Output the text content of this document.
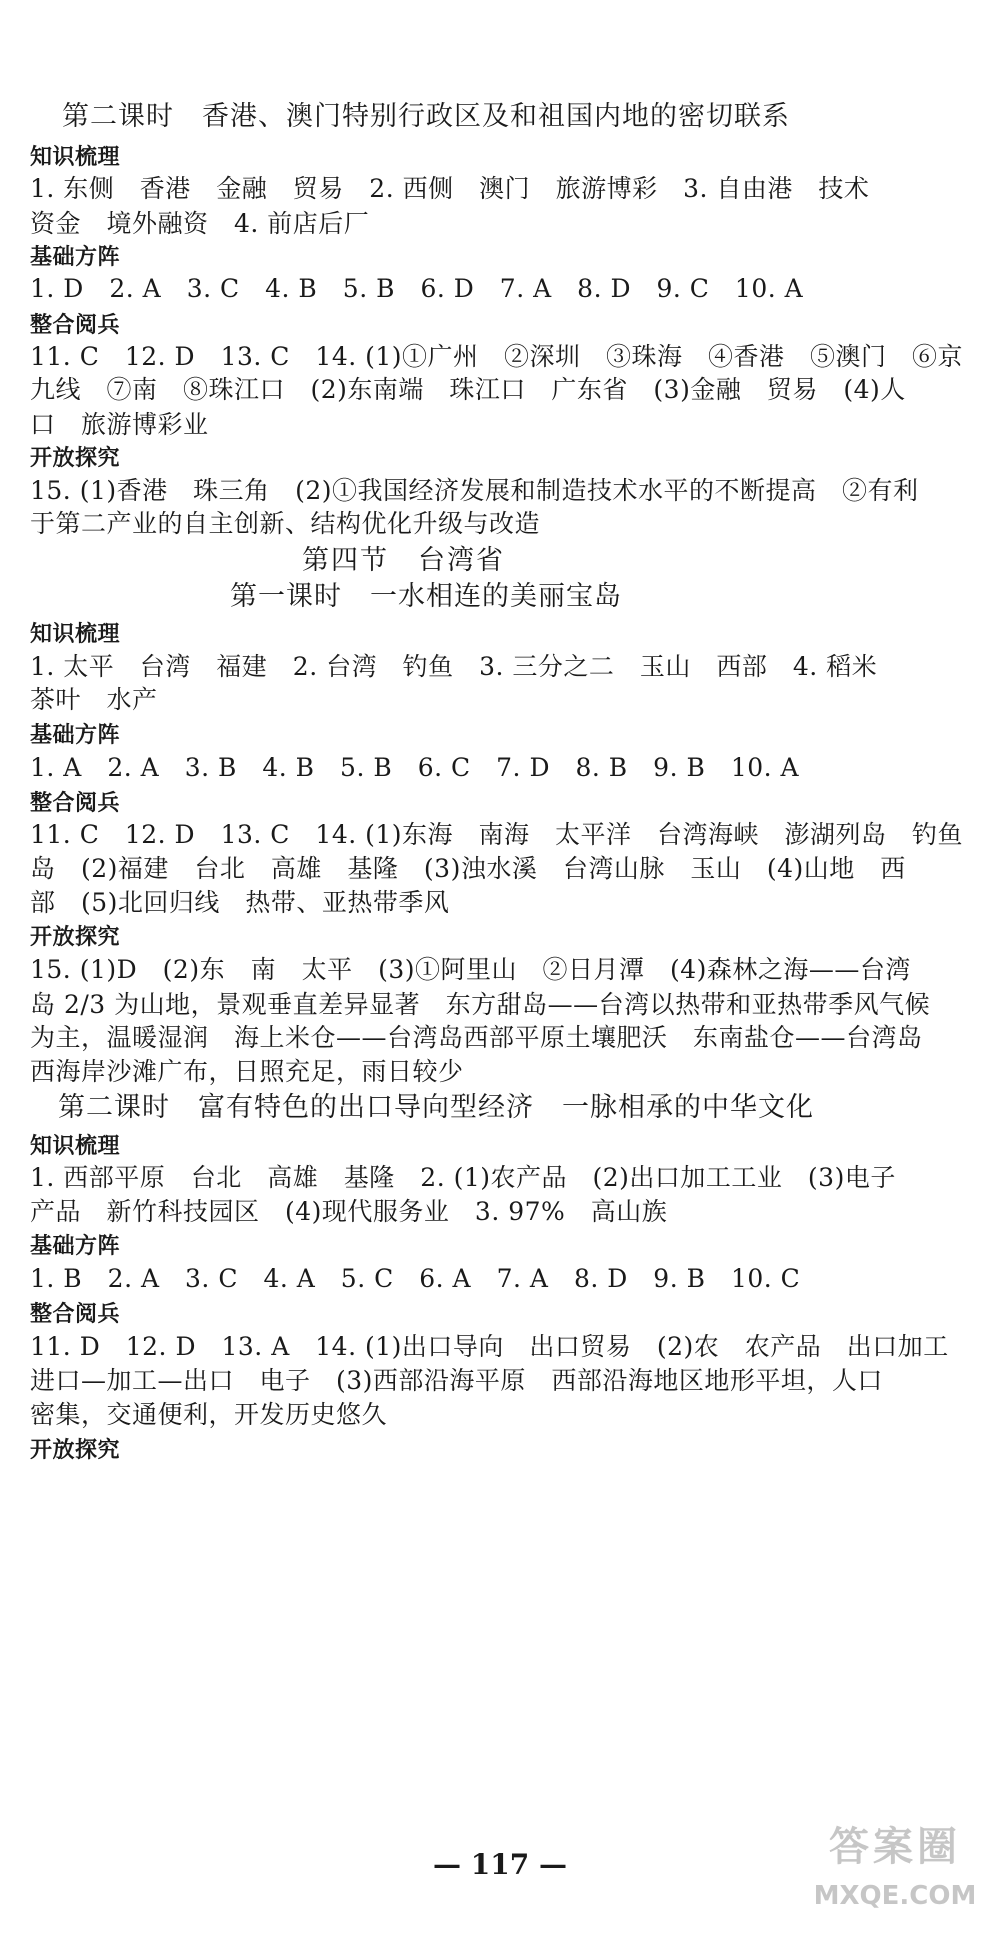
第二课时　香港、澳门特别行政区及和祖国内地的密切联系
知识梳理
1. 东侧　香港　金融　贸易　2. 西侧　澳门　旅游博彩　3. 自由港　技术
资金　境外融资　4. 前店后厂
基础方阵
1. D　2. A　3. C　4. B　5. B　6. D　7. A　8. D　9. C　10. A
整合阅兵
11. C　12. D　13. C　14. (1)①广州　②深圳　③珠海　④香港　⑤澳门　⑥京
九线　⑦南　⑧珠江口　(2)东南端　珠江口　广东省　(3)金融　贸易　(4)人
口　旅游博彩业
开放探究
15. (1)香港　珠三角　(2)①我国经济发展和制造技术水平的不断提高　②有利
于第二产业的自主创新、结构优化升级与改造
第四节　台湾省
第一课时　一水相连的美丽宝岛
知识梳理
1. 太平　台湾　福建　2. 台湾　钓鱼　3. 三分之二　玉山　西部　4. 稻米
茶叶　水产
基础方阵
1. A　2. A　3. B　4. B　5. B　6. C　7. D　8. B　9. B　10. A
整合阅兵
11. C　12. D　13. C　14. (1)东海　南海　太平洋　台湾海峡　澎湖列岛　钓鱼
岛　(2)福建　台北　高雄　基隆　(3)浊水溪　台湾山脉　玉山　(4)山地　西
部　(5)北回归线　热带、亚热带季风
开放探究
15. (1)D　(2)东　南　太平　(3)①阿里山　②日月潭　(4)森林之海——台湾
岛 2/3 为山地，景观垂直差异显著　东方甜岛——台湾以热带和亚热带季风气候
为主，温暖湿润　海上米仓——台湾岛西部平原土壤肥沃　东南盐仓——台湾岛
西海岸沙滩广布，日照充足，雨日较少
第二课时　富有特色的出口导向型经济　一脉相承的中华文化
知识梳理
1. 西部平原　台北　高雄　基隆　2. (1)农产品　(2)出口加工工业　(3)电子
产品　新竹科技园区　(4)现代服务业　3. 97%　高山族
基础方阵
1. B　2. A　3. C　4. A　5. C　6. A　7. A　8. D　9. B　10. C
整合阅兵
11. D　12. D　13. A　14. (1)出口导向　出口贸易　(2)农　农产品　出口加工
进口—加工—出口　电子　(3)西部沿海平原　西部沿海地区地形平坦，人口
密集，交通便利，开发历史悠久
开放探究
— 117 —	答案圈
MXQE.COM
